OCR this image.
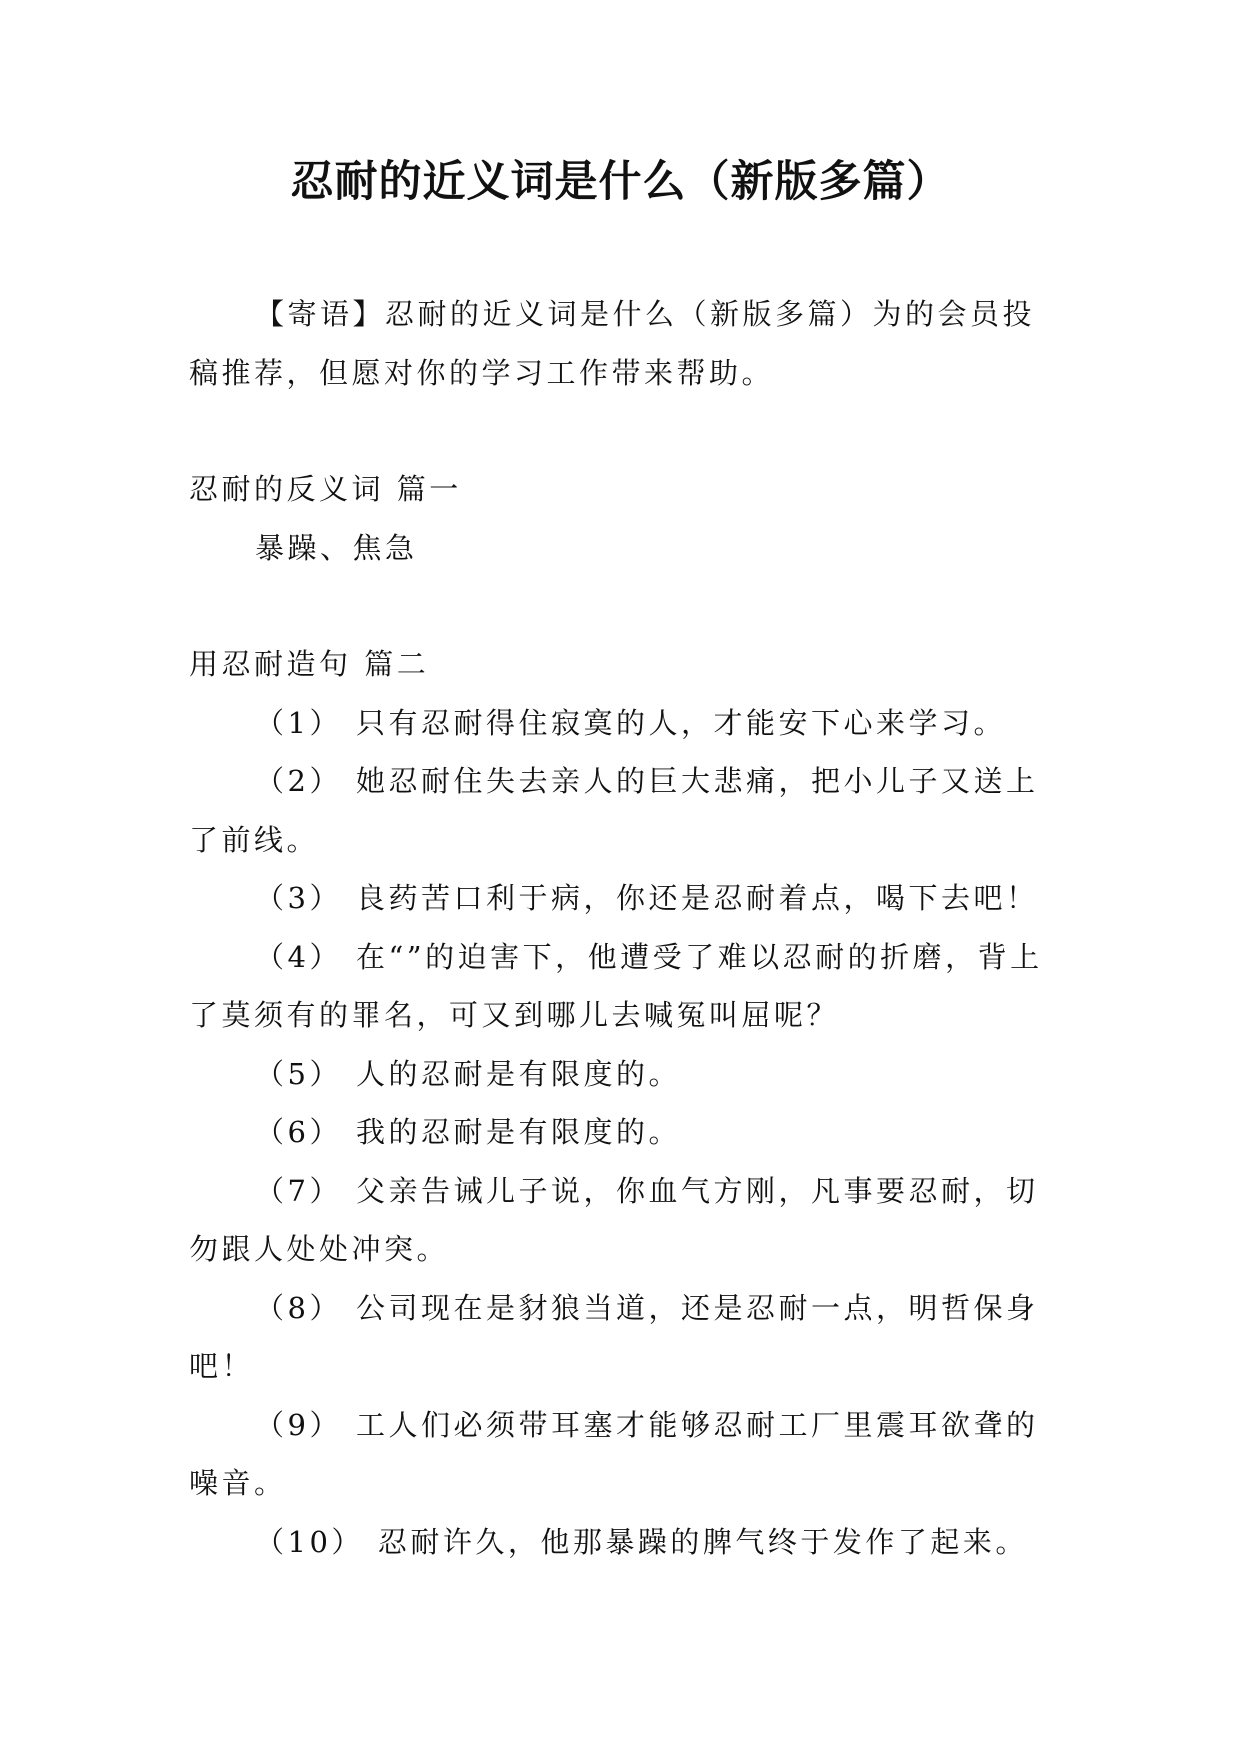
忍耐的近义词是什么（新版多篇）

【寄语】忍耐的近义词是什么（新版多篇）为的会员投稿推荐，但愿对你的学习工作带来帮助。

忍耐的反义词 篇一

暴躁、焦急

用忍耐造句 篇二

（1） 只有忍耐得住寂寞的人，才能安下心来学习。

（2） 她忍耐住失去亲人的巨大悲痛，把小儿子又送上了前线。

（3） 良药苦口利于病，你还是忍耐着点，喝下去吧！

（4） 在“”的迫害下，他遭受了难以忍耐的折磨，背上了莫须有的罪名，可又到哪儿去喊冤叫屈呢？

（5） 人的忍耐是有限度的。

（6） 我的忍耐是有限度的。

（7） 父亲告诫儿子说，你血气方刚，凡事要忍耐，切勿跟人处处冲突。

（8） 公司现在是豺狼当道，还是忍耐一点，明哲保身吧！

（9） 工人们必须带耳塞才能够忍耐工厂里震耳欲聋的噪音。

（10） 忍耐许久，他那暴躁的脾气终于发作了起来。
